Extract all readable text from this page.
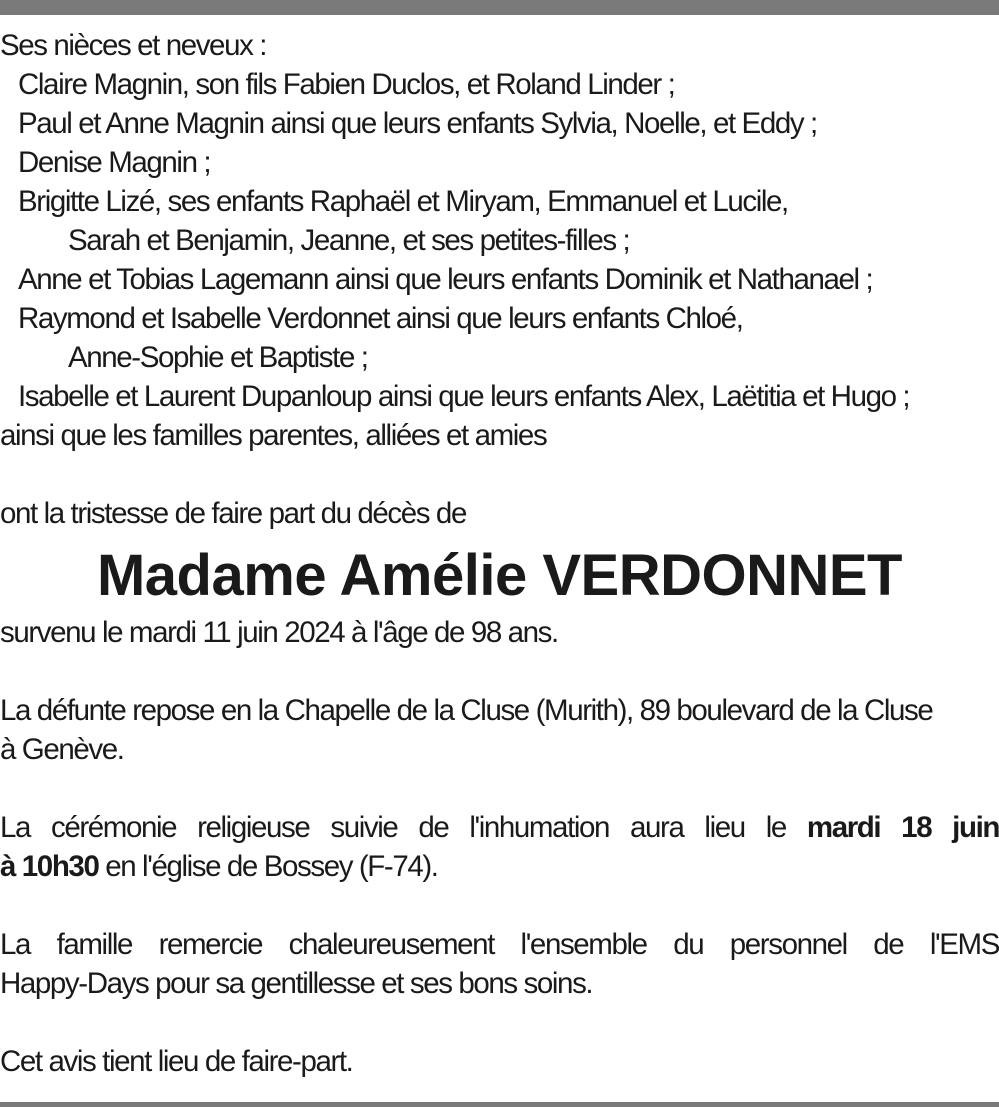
Ses nièces et neveux :
Claire Magnin, son fils Fabien Duclos, et Roland Linder ;
Paul et Anne Magnin ainsi que leurs enfants Sylvia, Noelle, et Eddy ;
Denise Magnin ;
Brigitte Lizé, ses enfants Raphaël et Miryam, Emmanuel et Lucile,
Sarah et Benjamin, Jeanne, et ses petites-filles ;
Anne et Tobias Lagemann ainsi que leurs enfants Dominik et Nathanael ;
Raymond et Isabelle Verdonnet ainsi que leurs enfants Chloé,
Anne-Sophie et Baptiste ;
Isabelle et Laurent Dupanloup ainsi que leurs enfants Alex, Laëtitia et Hugo ;
ainsi que les familles parentes, alliées et amies
ont la tristesse de faire part du décès de
Madame Amélie VERDONNET
survenu le mardi 11 juin 2024 à l'âge de 98 ans.
La défunte repose en la Chapelle de la Cluse (Murith), 89 boulevard de la Cluse
à Genève.
La cérémonie religieuse suivie de l'inhumation aura lieu le mardi 18 juin
à 10h30 en l'église de Bossey (F-74).
La famille remercie chaleureusement l'ensemble du personnel de l'EMS
Happy-Days pour sa gentillesse et ses bons soins.
Cet avis tient lieu de faire-part.
